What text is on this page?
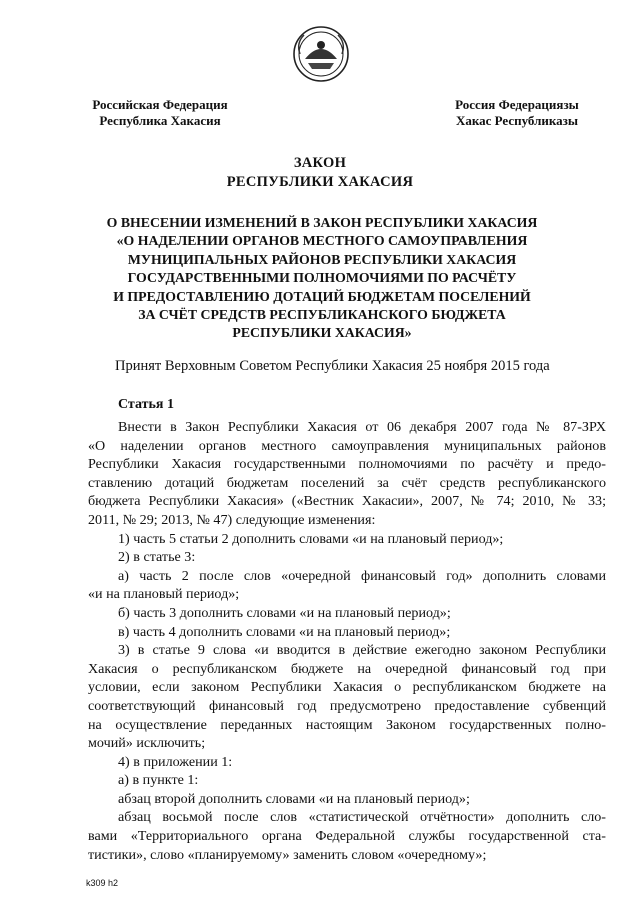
Российская Федерация
Республика Хакасия
Россия Федерациязы
Хакас Республиказы
ЗАКОН
РЕСПУБЛИКИ ХАКАСИЯ
О ВНЕСЕНИИ ИЗМЕНЕНИЙ В ЗАКОН РЕСПУБЛИКИ ХАКАСИЯ
«О НАДЕЛЕНИИ ОРГАНОВ МЕСТНОГО САМОУПРАВЛЕНИЯ
МУНИЦИПАЛЬНЫХ РАЙОНОВ РЕСПУБЛИКИ ХАКАСИЯ
ГОСУДАРСТВЕННЫМИ ПОЛНОМОЧИЯМИ ПО РАСЧЁТУ
И ПРЕДОСТАВЛЕНИЮ ДОТАЦИЙ БЮДЖЕТАМ ПОСЕЛЕНИЙ
ЗА СЧЁТ СРЕДСТВ РЕСПУБЛИКАНСКОГО БЮДЖЕТА
РЕСПУБЛИКИ ХАКАСИЯ»
Принят Верховным Советом Республики Хакасия 25 ноября 2015 года
Статья 1

Внести в Закон Республики Хакасия от 06 декабря 2007 года № 87-ЗРХ

«О наделении органов местного самоуправления муниципальных районов

Республики Хакасия государственными полномочиями по расчёту и предо-

ставлению дотаций бюджетам поселений за счёт средств республиканского

бюджета Республики Хакасия» («Вестник Хакасии», 2007, № 74; 2010, № 33;

2011, № 29; 2013, № 47) следующие изменения:

1) часть 5 статьи 2 дополнить словами «и на плановый период»;

2) в статье 3:

а) часть 2 после слов «очередной финансовый год» дополнить словами

«и на плановый период»;

б) часть 3 дополнить словами «и на плановый период»;

в) часть 4 дополнить словами «и на плановый период»;

3) в статье 9 слова «и вводится в действие ежегодно законом Республики

Хакасия о республиканском бюджете на очередной финансовый год при

условии, если законом Республики Хакасия о республиканском бюджете на

соответствующий финансовый год предусмотрено предоставление субвенций

на осуществление переданных настоящим Законом государственных полно-

мочий» исключить;

4) в приложении 1:

а) в пункте 1:

абзац второй дополнить словами «и на плановый период»;

абзац восьмой после слов «статистической отчётности» дополнить сло-

вами «Территориального органа Федеральной службы государственной ста-

тистики», слово «планируемому» заменить словом «очередному»;

k309 h2
